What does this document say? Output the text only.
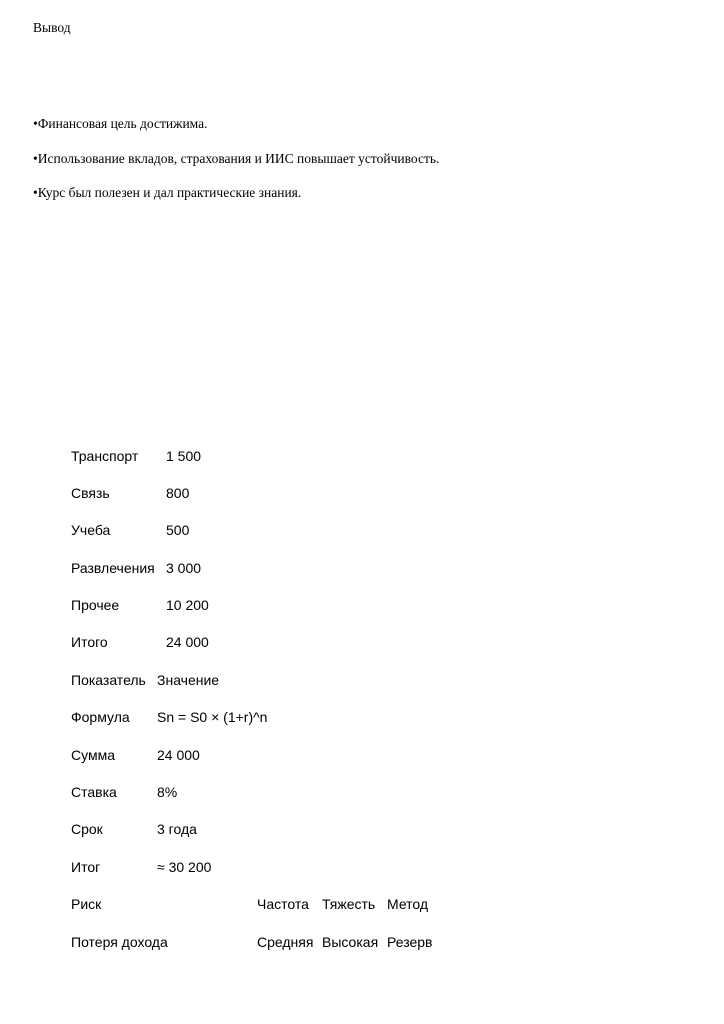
Вывод
•Финансовая цель достижима.
•Использование вкладов, страхования и ИИС повышает устойчивость.
•Курс был полезен и дал практические знания.
Транспорт 1 500
Связь	800
Учеба	500
Развлечения 3 000
Прочее	10 200
Итого	24 000
Показатель Значение
Формула Sn = S0 × (1+r)^n
Сумма	24 000
Ставка	8%
Срок	3 года
Итог	≈ 30 200
Риск	Частота Тяжесть Метод
Потеря дохода	Средняя Высокая Резерв
